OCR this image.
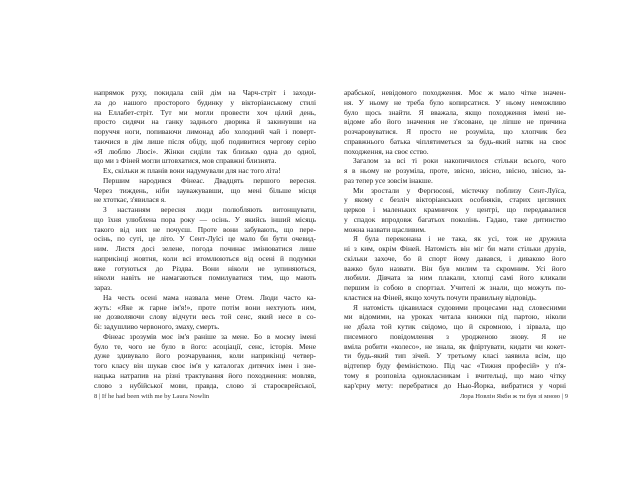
напрямок руху, покидала свій дім на Чарч-стріт і заходи-
ла до нашого просторого будинку у вікторіанському стилі
на Еллабет-стріт. Тут ми могли провести хоч цілий день,
просто сидячи на ганку заднього дворика й закинувши на
поруччя ноги, попиваючи лимонад або холодний чай і поверт-
таючися в дім лише після обіду, щоб подивитися чергову серію
«Я люблю Люсі». Жінки сиділи так близько одна до одної,
що ми з Фіней могли штовхатися, мов справжні близнята.
Ех, скільки ж планів вони надумували для нас того літа!
Першим народився Фінеас. Двадцять першого вересня.
Через тиждень, ніби зауважувавши, що мені більше місця
не хтоткає, з'явилася я.
З настанням вересня люди полюбляють витонщувати,
що їхня улюблена пора року — осінь. У якийсь інший місяць
такого від них не почуєш. Проте вони забувають, що пере-
осінь, по суті, це літо. У Сент-Луїсі це мало би бути очевид-
ним. Листя досі зелене, погода починає змінюватися лише
наприкінці жовтня, коли всі втомлюються від осені й подумки
вже готуються до Різдва. Вони ніколи не зупиняються,
ніколи навіть не намагаються помилуватися тим, що мають
зараз.
На честь осені мама назвала мене Отем. Люди часто ка-
жуть: «Яке ж гарне ім'я!», проте потім вони нехтують ним,
не дозволяючи слову відчути весь той сенс, який несе в со-
бі: задушливо червоного, змаху, смерть.
Фінеас зрозумів моє ім'я раніше за мене. Бо в моєму імені
було те, чого не було в його: асоціації, сенс, історія. Мене
дуже здивувало його розчарування, коли наприкінці четвер-
того класу він шукав своє ім'я у каталогах дитячих імен і зне-
нацька натрапив на різні трактування його походження: мовляв,
слово з нубійської мови, правда, слово зі староєврейської,
арабської, невідомого походження. Моє ж мало чітке значен-
ня. У ньому не треба було копирсатися. У ньому неможливо
було щось знайти. Я вважала, якщо походження імені не-
відоме або його значення не з'ясоване, це ліпше не причина
розчаровуватися. Я просто не розуміла, що хлопчик без
справжнього батька чіплятиметься за будь-який натяк на своє
походження, на своє єство.
Загалом за всі ті роки накопичилося стільки всього, чого
я в ньому не розуміла, проте, звісно, звісно, звісно, звісно, за-
раз тепер усе зовсім інакше.
Ми зростали у Фергюсоні, містечку поблизу Сент-Луїса,
у якому є безліч вікторіанських особняків, старих цегляних
церков і маленьких крамничок у центрі, що передавалися
у спадок впродовж багатьох поколінь. Гадаю, таке дитинство
можна назвати щасливим.
Я була переконана і не така, як усі, тож не дружила
ні з ким, окрім Фіней. Натомість він міг би мати стільки друзів,
скільки захоче, бо й спорт йому давався, і дивакою його
важко було назвати. Він був милим та скромним. Усі його
любили. Дівчата за ним плакали, хлопці самі його кликали
першим із собою в спортзал. Учителі ж знали, що можуть по-
кластися на Фіней, якщо хочуть почути правильну відповідь.
Я натомість цікавилася судовими процесами над словесними
ми відомими, на уроках читала книжки під партою, ніколи
не дбала той кутик свідомо, що й скромною, і зірвала, що
писемного повідомлення з уродженою знову. Я не
вміла робити «колесо», не знала, як фліртувати, кидати чи кокет-
ти будь-який тип зічей. У третьому класі заявила всім, що
відтепер буду феміністкою. Під час «Тижня професій» у п'я-
тому я розповіла однокласникам і вчительці, що маю чітку
кар'єрну мету: перебратися до Нью-Йорка, вибратися у чорні
8 | If he had been with me by Laura Nowlin	Лора Новлін Якби ж ти був зі мною | 9
